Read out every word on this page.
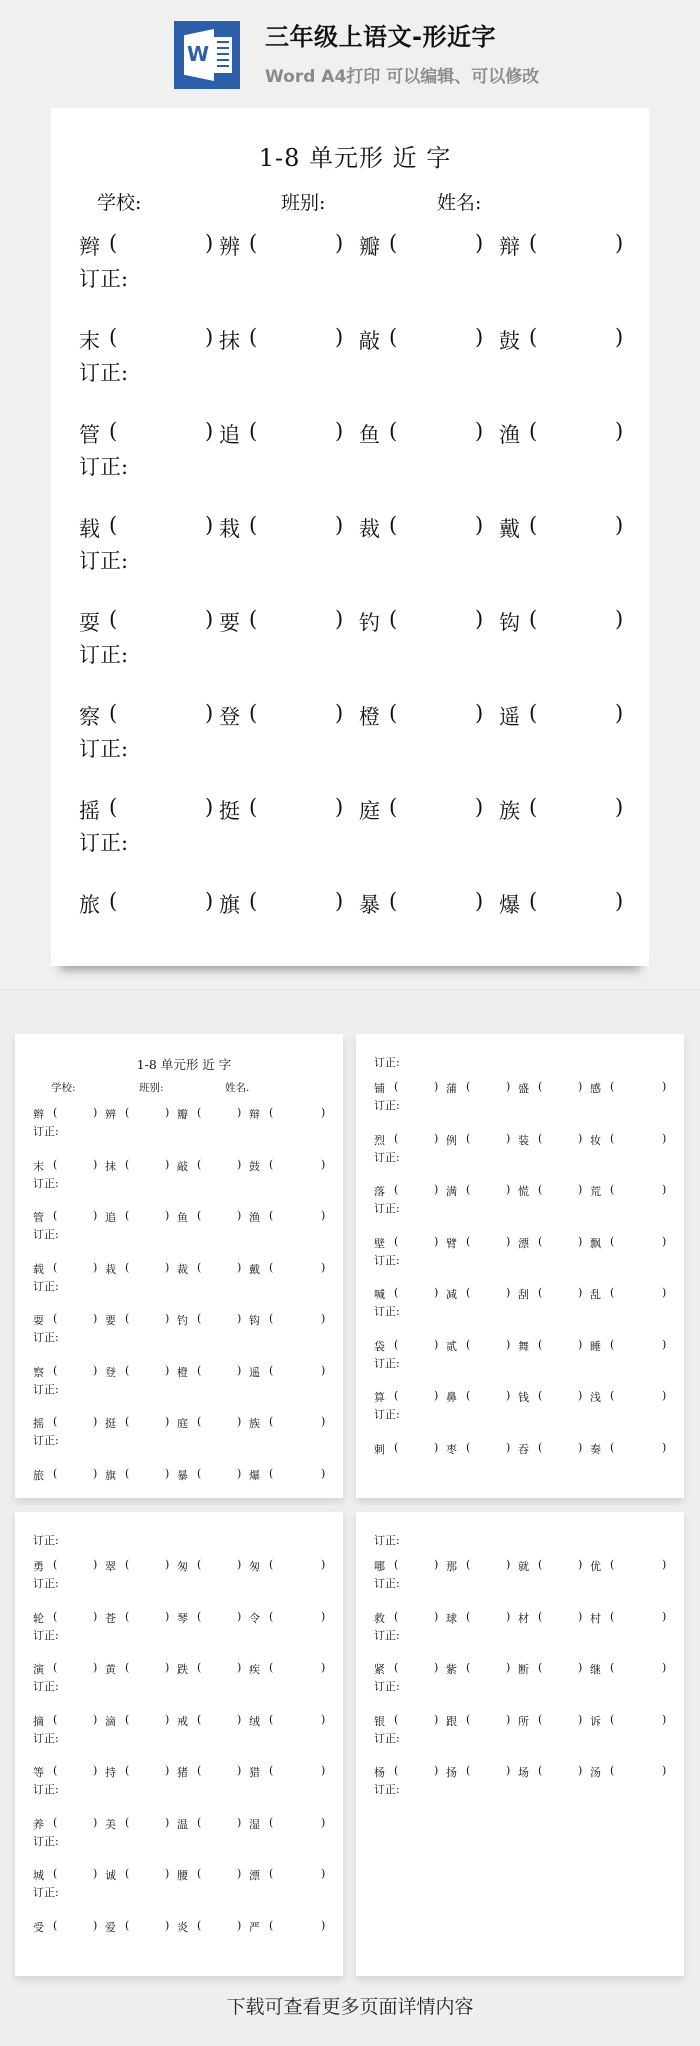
W
三年级上语文-形近字
Word A4打印 可以编辑、可以修改
1-8 单元形 近 字
学校:	班别:	姓名:
辫 (	) 辨 (	) 瓣 (	) 辩 (	)
订正:
末 (	) 抹 (	) 敲 (	) 鼓 (	)
订正:
管 (	) 追 (	) 鱼 (	) 渔 (	)
订正:
载 (	) 栽 (	) 裁 (	) 戴 (	)
订正:
耍 (	) 要 (	) 钓 (	) 钩 (	)
订正:
察 (	) 登 (	) 橙 (	) 遥 (	)
订正:
摇 (	) 挺 (	) 庭 (	) 族 (	)
订正:
旅 (	) 旗 (	) 暴 (	) 爆 (	)
1-8 单元形 近 字
学校:	班别:	姓名.
辫 (	) 辨 (	) 瓣 (	) 辩 (	)
订正:
末 (	) 抹 (	) 敲 (	) 鼓 (	)
订正:
管 (	) 追 (	) 鱼 (	) 渔 (	)
订正:
载 (	) 栽 (	) 裁 (	) 戴 (	)
订正:
耍 (	) 要 (	) 钓 (	) 钩 (	)
订正:
察 (	) 登 (	) 橙 (	) 遥 (	)
订正:
摇 (	) 挺 (	) 庭 (	) 族 (	)
订正:
旅 (	) 旗 (	) 暴 (	) 爆 (	)
订正:
铺 (	) 蒲 (	) 盛 (	) 感 (	)
订正:
烈 (	) 例 (	) 装 (	) 妆 (	)
订正:
落 (	) 满 (	) 慌 (	) 荒 (	)
订正:
壁 (	) 臂 (	) 漂 (	) 飘 (	)
订正:
喊 (	) 减 (	) 刮 (	) 乱 (	)
订正:
袋 (	) 贰 (	) 舞 (	) 睡 (	)
订正:
算 (	) 鼻 (	) 钱 (	) 浅 (	)
订正:
刺 (	) 枣 (	) 吞 (	) 奏 (	)
订正:
勇 (	) 翠 (	) 匆 (	) 匆 (	)
订正:
轮 (	) 苍 (	) 琴 (	) 令 (	)
订正:
演 (	) 黄 (	) 跌 (	) 疾 (	)
订正:
摘 (	) 滴 (	) 戒 (	) 绒 (	)
订正:
等 (	) 持 (	) 猪 (	) 猎 (	)
订正:
养 (	) 美 (	) 温 (	) 湿 (	)
订正:
城 (	) 诚 (	) 腰 (	) 漂 (	)
订正:
受 (	) 爱 (	) 炎 (	) 严 (	)
订正:
哪 (	) 那 (	) 就 (	) 优 (	)
订正:
救 (	) 球 (	) 材 (	) 村 (	)
订正:
紧 (	) 紫 (	) 断 (	) 继 (	)
订正:
银 (	) 跟 (	) 所 (	) 诉 (	)
订正:
杨 (	) 扬 (	) 场 (	) 汤 (	)
订正:
下载可查看更多页面详情内容
